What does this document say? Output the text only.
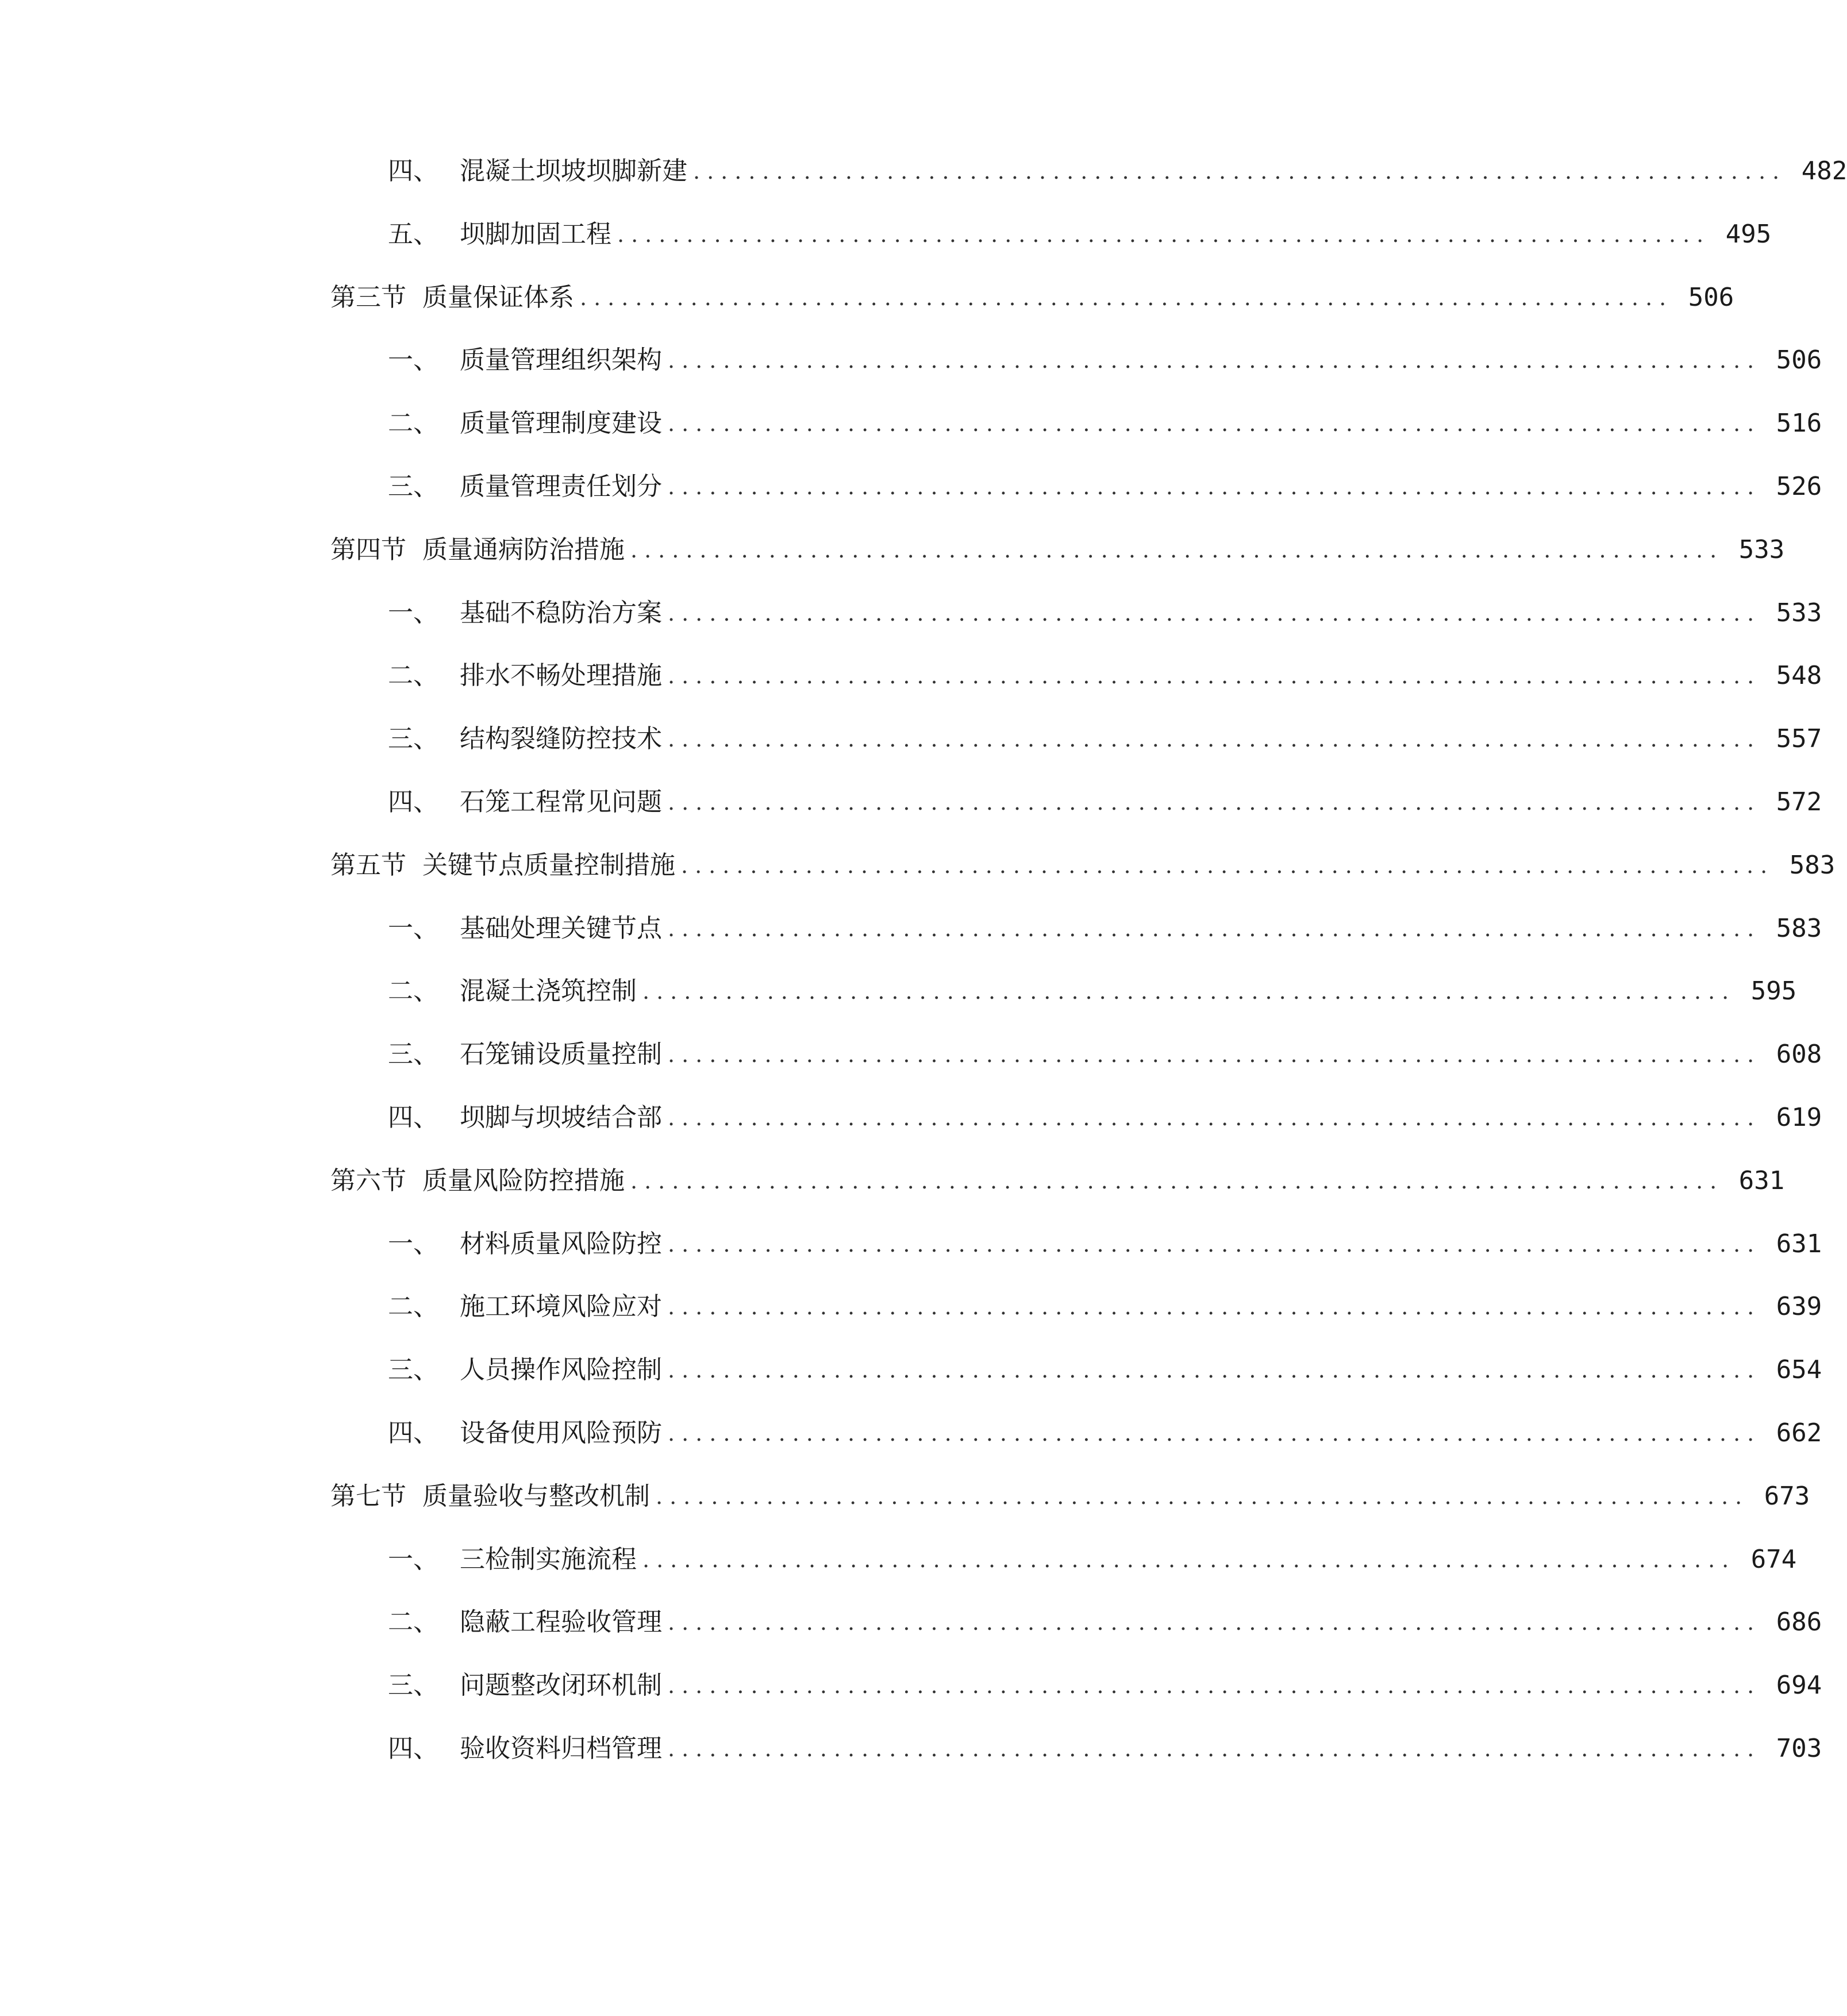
四、 混凝土坝坡坝脚新建 ............................................................................... 482
五、 坝脚加固工程 ............................................................................... 495
第三节 质量保证体系 ............................................................................... 506
一、 质量管理组织架构 ............................................................................... 506
二、 质量管理制度建设 ............................................................................... 516
三、 质量管理责任划分 ............................................................................... 526
第四节 质量通病防治措施 ............................................................................... 533
一、 基础不稳防治方案 ............................................................................... 533
二、 排水不畅处理措施 ............................................................................... 548
三、 结构裂缝防控技术 ............................................................................... 557
四、 石笼工程常见问题 ............................................................................... 572
第五节 关键节点质量控制措施 ............................................................................... 583
一、 基础处理关键节点 ............................................................................... 583
二、 混凝土浇筑控制 ............................................................................... 595
三、 石笼铺设质量控制 ............................................................................... 608
四、 坝脚与坝坡结合部 ............................................................................... 619
第六节 质量风险防控措施 ............................................................................... 631
一、 材料质量风险防控 ............................................................................... 631
二、 施工环境风险应对 ............................................................................... 639
三、 人员操作风险控制 ............................................................................... 654
四、 设备使用风险预防 ............................................................................... 662
第七节 质量验收与整改机制 ............................................................................... 673
一、 三检制实施流程 ............................................................................... 674
二、 隐蔽工程验收管理 ............................................................................... 686
三、 问题整改闭环机制 ............................................................................... 694
四、 验收资料归档管理 ............................................................................... 703
